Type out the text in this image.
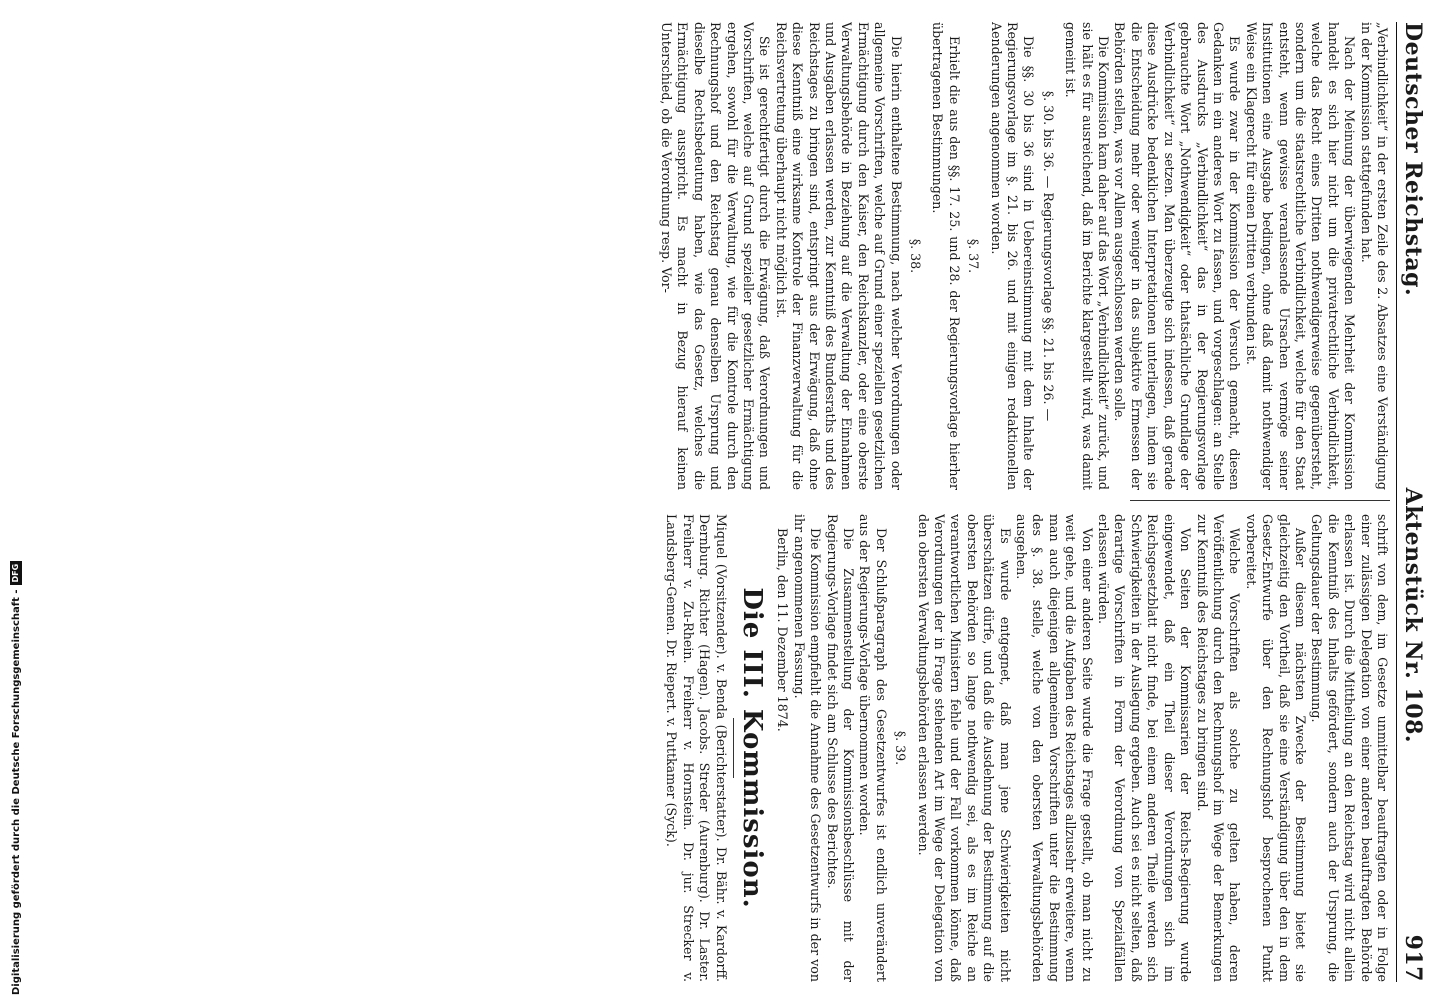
Deutscher Reichstag.
Aktenstück Nr. 108.
917

„Verbindlichkeit“ in der ersten Zeile des 2. Absatzes eine Verständigung in der Kommission stattgefunden hat.

Nach der Meinung der überwiegenden Mehrheit der Kommission handelt es sich hier nicht um die privatrechtliche Verbindlichkeit, welche das Recht eines Dritten nothwendigerweise gegenübersteht, sondern um die staatsrechtliche Verbindlichkeit, welche für den Staat entsteht, wenn gewisse veranlassende Ursachen vermöge seiner Institutionen eine Ausgabe bedingen, ohne daß damit nothwendiger Weise ein Klagerecht für einen Dritten verbunden ist.

Es wurde zwar in der Kommission der Versuch gemacht, diesen Gedanken in ein anderes Wort zu fassen, und vorgeschlagen: an Stelle des Ausdrucks „Verbindlichkeit“ das in der Regierungsvorlage gebrauchte Wort „Nothwendigkeit“ oder thatsächliche Grundlage der Verbindlichkeit“ zu setzen. Man überzeugte sich indessen, daß gerade diese Ausdrücke bedenklichen Interpretationen unterliegen, indem sie die Entscheidung mehr oder weniger in das subjektive Ermessen der Behörden stellen, was vor Allem ausgeschlossen werden solle.

Die Kommission kam daher auf das Wort „Verbindlichkeit“ zurück, und sie hält es für ausreichend, daß im Berichte klargestellt wird, was damit gemeint ist.

§. 30. bis 36. — Regierungsvorlage §§. 21. bis 26. —

Die §§. 30 bis 36 sind in Uebereinstimmung mit dem Inhalte der Regierungsvorlage im §. 21. bis 26. und mit einigen redaktionellen Aenderungen angenommen worden.

§. 37.

Erhielt die aus den §§. 17. 25. und 28. der Regierungsvorlage hierher übertragenen Bestimmungen.

§. 38.

Die hierin enthaltene Bestimmung, nach welcher Verordnungen oder allgemeine Vorschriften, welche auf Grund einer speziellen gesetzlichen Ermächtigung durch den Kaiser, den Reichskanzler, oder eine oberste Verwaltungsbehörde in Beziehung auf die Verwaltung der Einnahmen und Ausgaben erlassen werden, zur Kenntniß des Bundesraths und des Reichstages zu bringen sind, entspringt aus der Erwägung, daß ohne diese Kenntniß eine wirksame Kontrole der Finanzverwaltung für die Reichsvertretung überhaupt nicht möglich ist.

Sie ist gerechtfertigt durch die Erwägung, daß Verordnungen und Vorschriften, welche auf Grund spezieller gesetzlicher Ermächtigung ergehen, sowohl für die Verwaltung, wie für die Kontrole durch den Rechnungshof und den Reichstag genau denselben Ursprung und dieselbe Rechtsbedeutung haben, wie das Gesetz, welches die Ermächtigung ausspricht. Es macht in Bezug hierauf keinen Unterschied, ob die Verordnung resp. Vor-

schrift von dem, im Gesetze unmittelbar beauftragten oder in Folge einer zulässigen Delegation von einer anderen beauftragten Behörde erlassen ist. Durch die Mittheilung an den Reichstag wird nicht allein die Kenntniß des Inhalts gefördert, sondern auch der Ursprung, die Geltungsdauer der Bestimmung.

Außer diesem nächsten Zwecke der Bestimmung bietet sie gleichzeitig den Vortheil, daß sie eine Verständigung über den in dem Gesetz-Entwurfe über den Rechnungshof besprochenen Punkt vorbereitet.

Welche Vorschriften als solche zu gelten haben, deren Veröffentlichung durch den Rechnungshof im Wege der Bemerkungen zur Kenntniß des Reichstages zu bringen sind.

Von Seiten der Kommissarien der Reichs-Regierung wurde eingewendet, daß ein Theil dieser Verordnungen sich im Reichsgesetzblatt nicht finde, bei einem anderen Theile werden sich Schwierigkeiten in der Auslegung ergeben. Auch sei es nicht selten, daß derartige Vorschriften in Form der Verordnung von Spezialfällen erlassen würden.

Von einer anderen Seite wurde die Frage gestellt, ob man nicht zu weit gehe, und die Aufgaben des Reichstages allzusehr erweitere, wenn man auch diejenigen allgemeinen Vorschriften unter die Bestimmung des §. 38. stelle, welche von den obersten Verwaltungsbehörden ausgehen.

Es wurde entgegnet, daß man jene Schwierigkeiten nicht überschätzen dürfe, und daß die Ausdehnung der Bestimmung auf die obersten Behörden so lange nothwendig sei, als es im Reiche an verantwortlichen Ministern fehle und der Fall vorkommen könne, daß Verordnungen der in Frage stehenden Art im Wege der Delegation von den obersten Verwaltungsbehörden erlassen werden.

§. 39.

Der Schlußparagraph des Gesetzentwurfes ist endlich unverändert aus der Regierungs-Vorlage übernommen worden.

Die Zusammenstellung der Kommissionsbeschlüsse mit der Regierungs-Vorlage findet sich am Schlusse des Berichtes.

Die Kommission empfiehlt die Annahme des Gesetzentwurfs in der von ihr angenommenen Fassung.

Berlin, den 11. Dezember 1874.

Die III. Kommission.

Miquel (Vorsitzender). v. Benda (Berichterstatter). Dr. Bähr. v. Kardorff. Dernburg. Richter (Hagen). Jacobs. Streder (Aurenburg). Dr. Laster. Freiherr v. Zu-Rhein. Freiherr v. Hornstein. Dr. jur. Strecker v. Landsberg-Gemen. Dr. Riepert. v. Puttkamer (Syck).

Digitalisierung gefördert durch die Deutsche Forschungsgemeinschaft -
DFG
